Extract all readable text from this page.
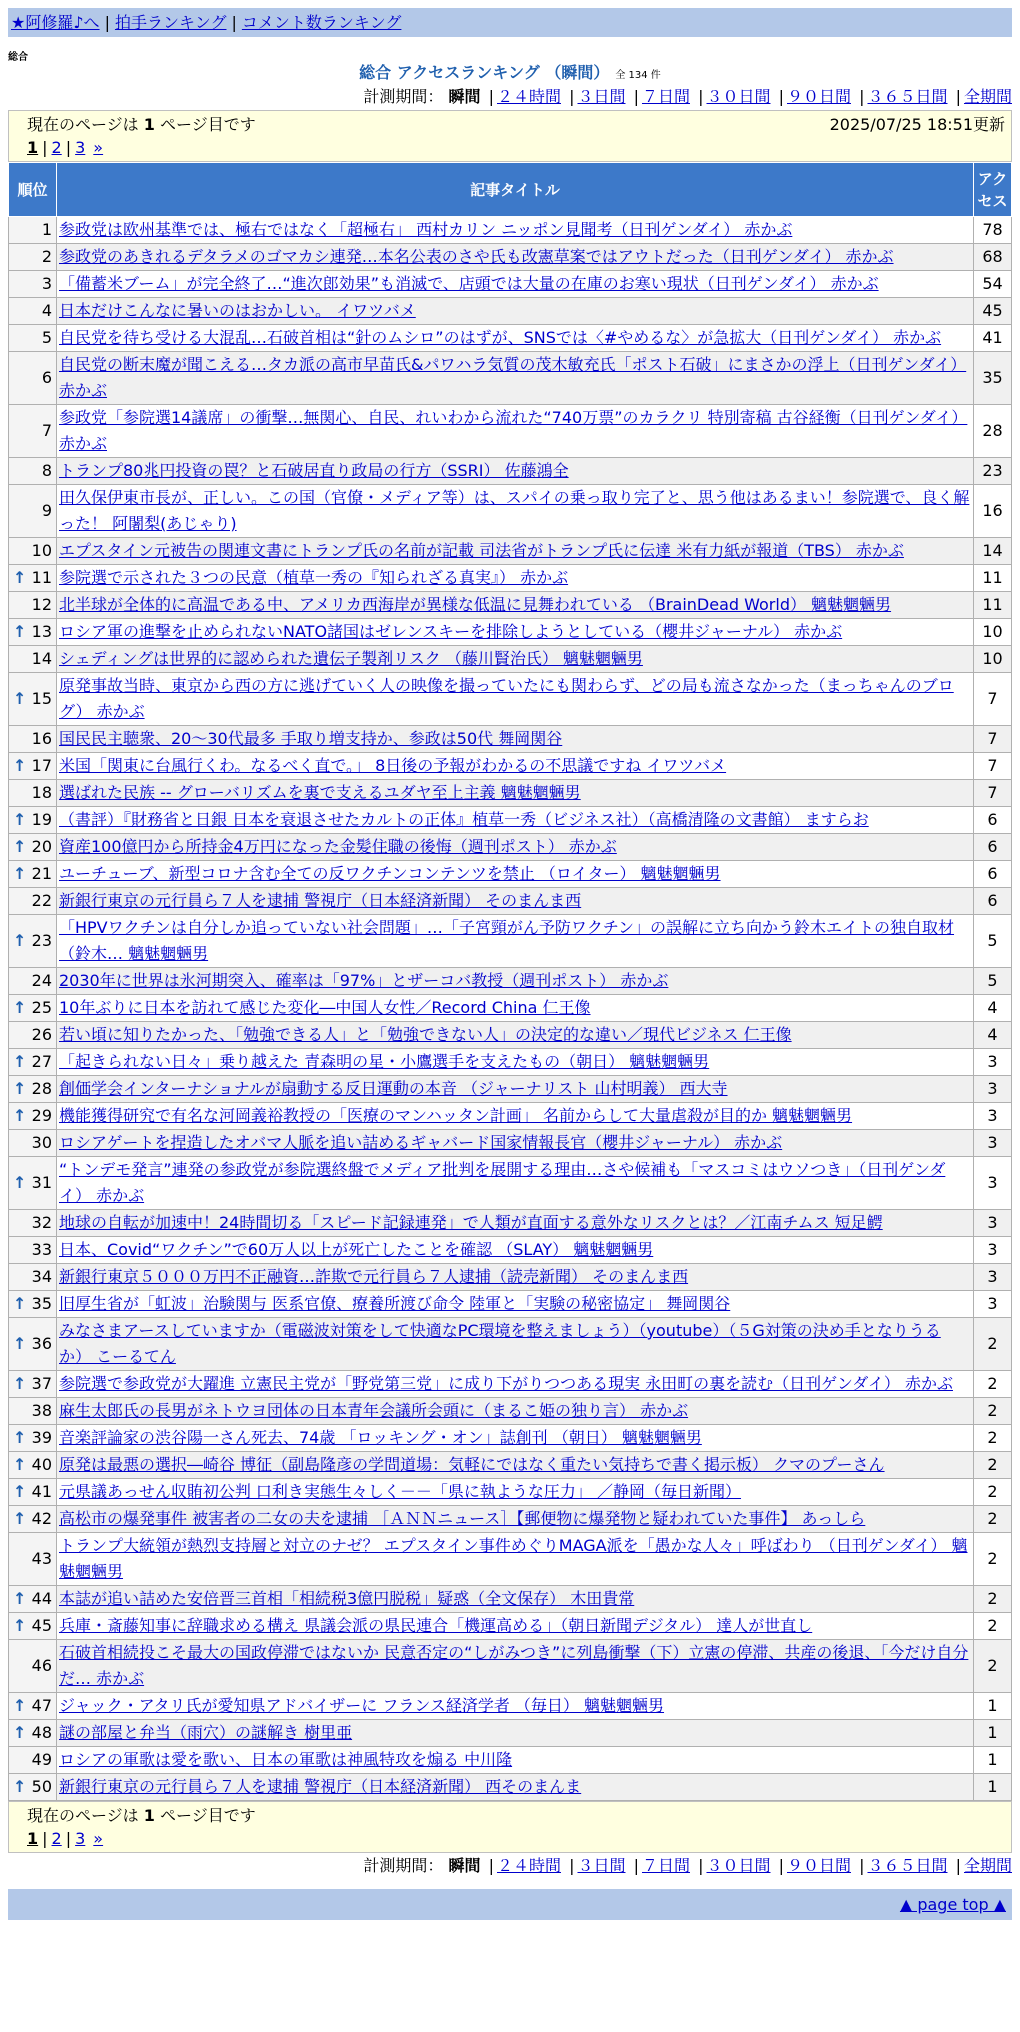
★阿修羅♪へ | 拍手ランキング | コメント数ランキング
総合
総合 アクセスランキング （瞬間） 全 134 件
計測期間： 瞬間 | ２４時間 | ３日間 | ７日間 | ３０日間 | ９０日間 | ３６５日間 | 全期間
現在のページは 1 ページ目です	2025/07/25 18:51更新
1 | 2 | 3 »
順位	記事タイトル	アクセス
1	参政党は欧州基準では、極右ではなく「超極右」 西村カリン ニッポン見聞考（日刊ゲンダイ） 赤かぶ	78
2	参政党のあきれるデタラメのゴマカシ連発…本名公表のさや氏も改憲草案ではアウトだった（日刊ゲンダイ） 赤かぶ	68
3	「備蓄米ブーム」が完全終了…“進次郎効果”も消滅で、店頭では大量の在庫のお寒い現状（日刊ゲンダイ） 赤かぶ	54
4	日本だけこんなに暑いのはおかしい。 イワツバメ	45
5	自民党を待ち受ける大混乱…石破首相は“針のムシロ”のはずが、SNSでは〈#やめるな〉が急拡大（日刊ゲンダイ） 赤かぶ	41
6	自民党の断末魔が聞こえる…タカ派の高市早苗氏&パワハラ気質の茂木敏充氏「ポスト石破」にまさかの浮上（日刊ゲンダイ） 赤かぶ	35
7	参政党「参院選14議席」の衝撃…無関心、自民、れいわから流れた“740万票”のカラクリ 特別寄稿 古谷経衡（日刊ゲンダイ） 赤かぶ	28
8	トランプ80兆円投資の罠？と石破居直り政局の行方（SSRI） 佐藤鴻全	23
9	田久保伊東市長が、正しい。この国（官僚・メディア等）は、スパイの乗っ取り完了と、思う他はあるまい！参院選で、良く解った！ 阿闍梨(あじゃり)	16
10	エプスタイン元被告の関連文書にトランプ氏の名前が記載 司法省がトランプ氏に伝達 米有力紙が報道（TBS） 赤かぶ	14

↑ 11	参院選で示された３つの民意（植草一秀の『知られざる真実』） 赤かぶ	11
12	北半球が全体的に高温である中、アメリカ西海岸が異様な低温に見舞われている （BrainDead World） 魑魅魍魎男	11

↑ 13	ロシア軍の進撃を止められないNATO諸国はゼレンスキーを排除しようとしている（櫻井ジャーナル） 赤かぶ	10
14	シェディングは世界的に認められた遺伝子製剤リスク （藤川賢治氏） 魑魅魍魎男	10

↑ 15	原発事故当時、東京から西の方に逃げていく人の映像を撮っていたにも関わらず、どの局も流さなかった（まっちゃんのブログ） 赤かぶ	7
16	国民民主聴衆、20～30代最多 手取り増支持か、参政は50代 舞岡関谷	7

↑ 17	米国「関東に台風行くわ。なるべく直で。」 8日後の予報がわかるの不思議ですね イワツバメ	7
18	選ばれた民族 -- グローバリズムを裏で支えるユダヤ至上主義 魑魅魍魎男	7

↑ 19	（書評）『財務省と日銀 日本を衰退させたカルトの正体』植草一秀（ビジネス社）（高橋清隆の文書館） ますらお	6

↑ 20	資産100億円から所持金4万円になった金髪住職の後悔（週刊ポスト） 赤かぶ	6

↑ 21	ユーチューブ、新型コロナ含む全ての反ワクチンコンテンツを禁止 （ロイター） 魑魅魍魎男	6
22	新銀行東京の元行員ら７人を逮捕 警視庁（日本経済新聞） そのまんま西	6

↑ 23	「HPVワクチンは自分しか追っていない社会問題」…「子宮頸がん予防ワクチン」の誤解に立ち向かう鈴木エイトの独自取材（鈴木… 魑魅魍魎男	5
24	2030年に世界は氷河期突入、確率は「97%」とザーコバ教授（週刊ポスト） 赤かぶ	5

↑ 25	10年ぶりに日本を訪れて感じた変化―中国人女性／Record China 仁王像	4
26	若い頃に知りたかった、「勉強できる人」と「勉強できない人」の決定的な違い／現代ビジネス 仁王像	4

↑ 27	「起きられない日々」乗り越えた 青森明の星・小鷹選手を支えたもの（朝日） 魑魅魍魎男	3

↑ 28	創価学会インターナショナルが扇動する反日運動の本音 （ジャーナリスト 山村明義） 西大寺	3

↑ 29	機能獲得研究で有名な河岡義裕教授の「医療のマンハッタン計画」 名前からして大量虐殺が目的か 魑魅魍魎男	3
30	ロシアゲートを捏造したオバマ人脈を追い詰めるギャバード国家情報長官（櫻井ジャーナル） 赤かぶ	3

↑ 31	“トンデモ発言”連発の参政党が参院選終盤でメディア批判を展開する理由…さや候補も「マスコミはウソつき」（日刊ゲンダイ） 赤かぶ	3
32	地球の自転が加速中！24時間切る「スピード記録連発」で人類が直面する意外なリスクとは？／江南チムス 短足鰐	3
33	日本、Covid“ワクチン”で60万人以上が死亡したことを確認 （SLAY） 魑魅魍魎男	3
34	新銀行東京５０００万円不正融資…詐欺で元行員ら７人逮捕（読売新聞） そのまんま西	3

↑ 35	旧厚生省が「虹波」治験関与 医系官僚、療養所渡び命令 陸軍と「実験の秘密協定」 舞岡関谷	3

↑ 36	みなさまアースしていますか（電磁波対策をして快適なPC環境を整えましょう）（youtube）（５G対策の決め手となりうるか） こーるてん	2

↑ 37	参院選で参政党が大躍進 立憲民主党が「野党第三党」に成り下がりつつある現実 永田町の裏を読む（日刊ゲンダイ） 赤かぶ	2
38	麻生太郎氏の長男がネトウヨ団体の日本青年会議所会頭に（まるこ姫の独り言） 赤かぶ	2

↑ 39	音楽評論家の渋谷陽一さん死去、74歳 「ロッキング・オン」誌創刊 （朝日） 魑魅魍魎男	2

↑ 40	原発は最悪の選択―崎谷 博征（副島隆彦の学問道場：気軽にではなく重たい気持ちで書く掲示板） クマのプーさん	2

↑ 41	元県議あっせん収賄初公判 口利き実態生々しく－－「県に執ような圧力」 ／静岡（毎日新聞）	2

↑ 42	高松市の爆発事件 被害者の二女の夫を逮捕 ［ＡＮＮニュース］【郵便物に爆発物と疑われていた事件】 あっしら	2
43	トランプ大統領が熱烈支持層と対立のナゼ？ エプスタイン事件めぐりMAGA派を「愚かな人々」呼ばわり （日刊ゲンダイ） 魑魅魍魎男	2

↑ 44	本誌が追い詰めた安倍晋三首相「相続税3億円脱税」疑惑（全文保存） 木田貴常	2

↑ 45	兵庫・斎藤知事に辞職求める構え 県議会派の県民連合「機運高める」（朝日新聞デジタル） 達人が世直し	2
46	石破首相続投こそ最大の国政停滞ではないか 民意否定の“しがみつき”に列島衝撃（下）立憲の停滞、共産の後退、「今だけ自分だ… 赤かぶ	2

↑ 47	ジャック・アタリ氏が愛知県アドバイザーに フランス経済学者 （毎日） 魑魅魍魎男	1

↑ 48	謎の部屋と弁当（雨穴）の謎解き 樹里亜	1
49	ロシアの軍歌は愛を歌い、日本の軍歌は神風特攻を煽る 中川隆	1

↑ 50	新銀行東京の元行員ら７人を逮捕 警視庁（日本経済新聞） 西そのまんま	1
現在のページは 1 ページ目です
1 | 2 | 3 »
計測期間： 瞬間 | ２４時間 | ３日間 | ７日間 | ３０日間 | ９０日間 | ３６５日間 | 全期間
▲ page top ▲
